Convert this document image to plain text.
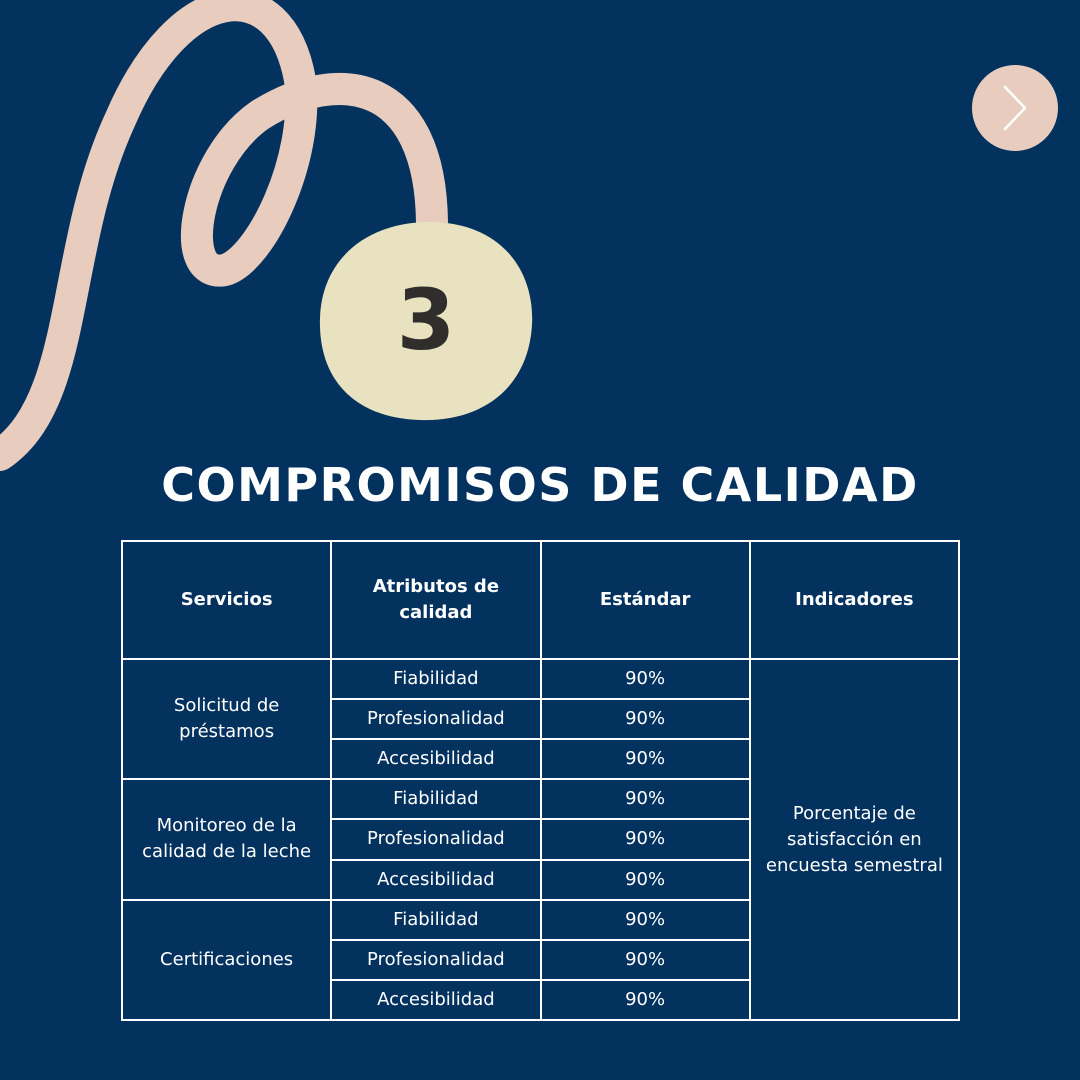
3
COMPROMISOS DE CALIDAD
Servicios	Atributos de calidad	Estándar	Indicadores
Solicitud de préstamos	Fiabilidad	90%	Porcentaje de satisfacción en encuesta semestral
	Profesionalidad	90%	
	Accesibilidad	90%	
Monitoreo de la calidad de la leche	Fiabilidad	90%	
	Profesionalidad	90%	
	Accesibilidad	90%	
Certificaciones	Fiabilidad	90%	
	Profesionalidad	90%	
	Accesibilidad	90%	
